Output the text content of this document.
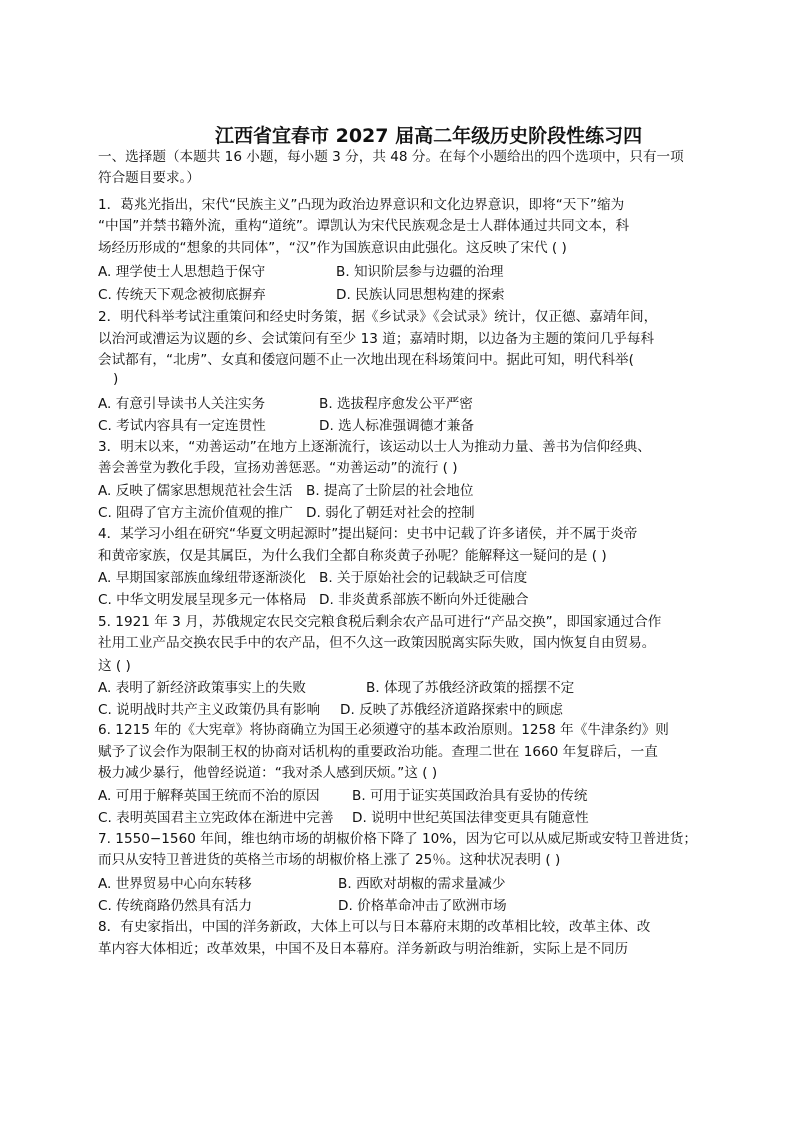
江西省宜春市 2027 届高二年级历史阶段性练习四
一、选择题（本题共 16 小题，每小题 3 分，共 48 分。在每个小题给出的四个选项中，只有一项
符合题目要求。）
1．葛兆光指出，宋代“民族主义”凸现为政治边界意识和文化边界意识，即将“天下”缩为
“中国”并禁书籍外流，重构“道统”。谭凯认为宋代民族观念是士人群体通过共同文本，科
场经历形成的“想象的共同体”，“汉”作为国族意识由此强化。这反映了宋代 ( )
A. 理学使士人思想趋于保守	B. 知识阶层参与边疆的治理
C. 传统天下观念被彻底摒弃	D. 民族认同思想构建的探索
2．明代科举考试注重策问和经史时务策，据《乡试录》《会试录》统计，仅正德、嘉靖年间，
以治河或漕运为议题的乡、会试策问有至少 13 道；嘉靖时期，以边备为主题的策问几乎每科
会试都有，“北虏”、女真和倭寇问题不止一次地出现在科场策问中。据此可知，明代科举(
)
A. 有意引导读书人关注实务	B. 选拔程序愈发公平严密
C. 考试内容具有一定连贯性	D. 选人标准强调德才兼备
3．明末以来，“劝善运动”在地方上逐渐流行，该运动以士人为推动力量、善书为信仰经典、
善会善堂为教化手段，宣扬劝善惩恶。“劝善运动”的流行 ( )
A. 反映了儒家思想规范社会生活 B. 提高了士阶层的社会地位
C. 阻碍了官方主流价值观的推广 D. 弱化了朝廷对社会的控制
4．某学习小组在研究“华夏文明起源时”提出疑问：史书中记载了许多诸侯，并不属于炎帝
和黄帝家族，仅是其属臣，为什么我们全都自称炎黄子孙呢？能解释这一疑问的是 ( )
A. 早期国家部族血缘纽带逐渐淡化 B. 关于原始社会的记载缺乏可信度
C. 中华文明发展呈现多元一体格局 D. 非炎黄系部族不断向外迁徙融合
5. 1921 年 3 月，苏俄规定农民交完粮食税后剩余农产品可进行“产品交换”，即国家通过合作
社用工业产品交换农民手中的农产品，但不久这一政策因脱离实际失败，国内恢复自由贸易。
这 ( )
A. 表明了新经济政策事实上的失败	B. 体现了苏俄经济政策的摇摆不定
C. 说明战时共产主义政策仍具有影响 D. 反映了苏俄经济道路探索中的顾虑
6. 1215 年的《大宪章》将协商确立为国王必须遵守的基本政治原则。1258 年《牛津条约》则
赋予了议会作为限制王权的协商对话机构的重要政治功能。查理二世在 1660 年复辟后，一直
极力减少暴行，他曾经说道：“我对杀人感到厌烦。”这 ( )
A. 可用于解释英国王统而不治的原因 B. 可用于证实英国政治具有妥协的传统
C. 表明英国君主立宪政体在渐进中完善 D. 说明中世纪英国法律变更具有随意性
7. 1550−1560 年间，维也纳市场的胡椒价格下降了 10%，因为它可以从威尼斯或安特卫普进货；
而只从安特卫普进货的英格兰市场的胡椒价格上涨了 25％。这种状况表明 ( )
A. 世界贸易中心向东转移	B. 西欧对胡椒的需求量减少
C. 传统商路仍然具有活力	D. 价格革命冲击了欧洲市场
8．有史家指出，中国的洋务新政，大体上可以与日本幕府末期的改革相比较，改革主体、改
革内容大体相近；改革效果，中国不及日本幕府。洋务新政与明治维新，实际上是不同历
